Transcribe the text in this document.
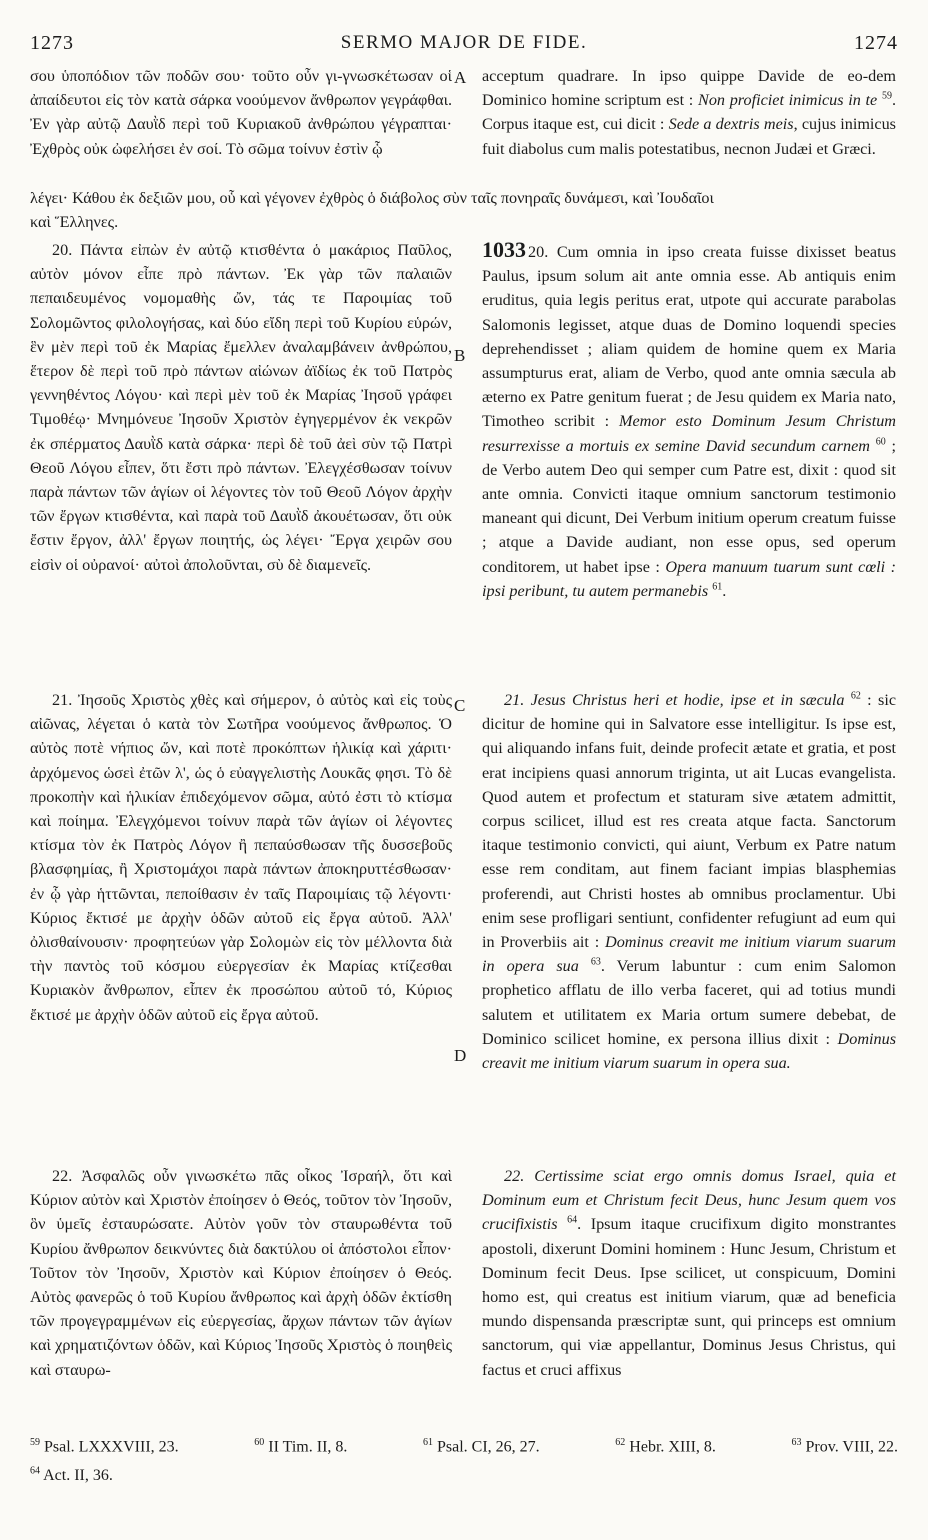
1273	SERMO MAJOR DE FIDE.	1274
A
B
C
D

σου ὑποπόδιον τῶν ποδῶν σου· τοῦτο οὖν γι-γνωσκέτωσαν οἱ ἀπαίδευτοι εἰς τὸν κατὰ σάρκα νοούμενον ἄνθρωπον γεγράφθαι. Ἐν γὰρ αὐτῷ Δαυῒδ περὶ τοῦ Κυριακοῦ ἀνθρώπου γέγραπται· Ἐχθρὸς οὐκ ὠφελήσει ἐν σοί. Τὸ σῶμα τοίνυν ἐστὶν ᾧ

acceptum quadrare. In ipso quippe Davide de eo-dem Dominico homine scriptum est : Non proficiet inimicus in te $^{59}$. Corpus itaque est, cui dicit : Sede a dextris meis, cujus inimicus fuit diabolus cum malis potestatibus, necnon Judæi et Græci.

λέγει· Κάθου ἐκ δεξιῶν μου, οὗ καὶ γέγονεν ἐχθρὸς ὁ διάβολος σὺν ταῖς πονηραῖς δυνάμεσι, καὶ Ἰουδαῖοι
καὶ Ἕλληνες.

20. Πάντα εἰπὼν ἐν αὐτῷ κτισθέντα ὁ μακάριος Παῦλος, αὐτὸν μόνον εἶπε πρὸ πάντων. Ἐκ γὰρ τῶν παλαιῶν πεπαιδευμένος νομομαθὴς ὤν, τάς τε Παροιμίας τοῦ Σολομῶντος φιλολογήσας, καὶ δύο εἴδη περὶ τοῦ Κυρίου εὑρών, ἓν μὲν περὶ τοῦ ἐκ Μαρίας ἔμελλεν ἀναλαμβάνειν ἀνθρώπου, ἕτερον δὲ περὶ τοῦ πρὸ πάντων αἰώνων ἀϊδίως ἐκ τοῦ Πατρὸς γεννηθέντος Λόγου· καὶ περὶ μὲν τοῦ ἐκ Μαρίας Ἰησοῦ γράφει Τιμοθέῳ· Μνημόνευε Ἰησοῦν Χριστὸν ἐγηγερμένον ἐκ νεκρῶν ἐκ σπέρματος Δαυῒδ κατὰ σάρκα· περὶ δὲ τοῦ ἀεὶ σὺν τῷ Πατρὶ Θεοῦ Λόγου εἶπεν, ὅτι ἔστι πρὸ πάντων. Ἐλεγχέσθωσαν τοίνυν παρὰ πάντων τῶν ἁγίων οἱ λέγοντες τὸν τοῦ Θεοῦ Λόγον ἀρχὴν τῶν ἔργων κτισθέντα, καὶ παρὰ τοῦ Δαυῒδ ἀκουέτωσαν, ὅτι οὐκ ἔστιν ἔργον, ἀλλ' ἔργων ποιητής, ὡς λέγει· Ἔργα χειρῶν σου εἰσὶν οἱ οὐρανοί· αὐτοὶ ἀπολοῦνται, σὺ δὲ διαμενεῖς.

1033 20. Cum omnia in ipso creata fuisse dixisset beatus Paulus, ipsum solum ait ante omnia esse. Ab antiquis enim eruditus, quia legis peritus erat, utpote qui accurate parabolas Salomonis legisset, atque duas de Domino loquendi species deprehendisset ; aliam quidem de homine quem ex Maria assumpturus erat, aliam de Verbo, quod ante omnia sæcula ab æterno ex Patre genitum fuerat ; de Jesu quidem ex Maria nato, Timotheo scribit : Memor esto Dominum Jesum Christum resurrexisse a mortuis ex semine David secundum carnem $^{60}$ ; de Verbo autem Deo qui semper cum Patre est, dixit : quod sit ante omnia. Convicti itaque omnium sanctorum testimonio maneant qui dicunt, Dei Verbum initium operum creatum fuisse ; atque a Davide audiant, non esse opus, sed operum conditorem, ut habet ipse : Opera manuum tuarum sunt cœli : ipsi peribunt, tu autem permanebis $^{61}$.

21. Ἰησοῦς Χριστὸς χθὲς καὶ σήμερον, ὁ αὐτὸς καὶ εἰς τοὺς αἰῶνας, λέγεται ὁ κατὰ τὸν Σωτῆρα νοούμενος ἄνθρωπος. Ὁ αὐτὸς ποτὲ νήπιος ὤν, καὶ ποτὲ προκόπτων ἡλικίᾳ καὶ χάριτι· ἀρχόμενος ὡσεὶ ἐτῶν λ', ὡς ὁ εὐαγγελιστὴς Λουκᾶς φησι. Τὸ δὲ προκοπὴν καὶ ἡλικίαν ἐπιδεχόμενον σῶμα, αὐτό ἐστι τὸ κτίσμα καὶ ποίημα. Ἐλεγχόμενοι τοίνυν παρὰ τῶν ἁγίων οἱ λέγοντες κτίσμα τὸν ἐκ Πατρὸς Λόγον ἢ πεπαύσθωσαν τῆς δυσσεβοῦς βλασφημίας, ἢ Χριστομάχοι παρὰ πάντων ἀποκηρυττέσθωσαν· ἐν ᾧ γὰρ ἡττῶνται, πεποίθασιν ἐν ταῖς Παροιμίαις τῷ λέγοντι· Κύριος ἔκτισέ με ἀρχὴν ὁδῶν αὐτοῦ εἰς ἔργα αὐτοῦ. Ἀλλ' ὀλισθαίνουσιν· προφητεύων γὰρ Σολομὼν εἰς τὸν μέλλοντα διὰ τὴν παντὸς τοῦ κόσμου εὐεργεσίαν ἐκ Μαρίας κτίζεσθαι Κυριακὸν ἄνθρωπον, εἶπεν ἐκ προσώπου αὐτοῦ τό, Κύριος ἔκτισέ με ἀρχὴν ὁδῶν αὐτοῦ εἰς ἔργα αὐτοῦ.

21. Jesus Christus heri et hodie, ipse et in sæcula $^{62}$ : sic dicitur de homine qui in Salvatore esse intelligitur. Is ipse est, qui aliquando infans fuit, deinde profecit ætate et gratia, et post erat incipiens quasi annorum triginta, ut ait Lucas evangelista. Quod autem et profectum et staturam sive ætatem admittit, corpus scilicet, illud est res creata atque facta. Sanctorum itaque testimonio convicti, qui aiunt, Verbum ex Patre natum esse rem conditam, aut finem faciant impias blasphemias proferendi, aut Christi hostes ab omnibus proclamentur. Ubi enim sese profligari sentiunt, confidenter refugiunt ad eum qui in Proverbiis ait : Dominus creavit me initium viarum suarum in opera sua $^{63}$. Verum labuntur : cum enim Salomon prophetico afflatu de illo verba faceret, qui ad totius mundi salutem et utilitatem ex Maria ortum sumere debebat, de Dominico scilicet homine, ex persona illius dixit : Dominus creavit me initium viarum suarum in opera sua.

22. Ἀσφαλῶς οὖν γινωσκέτω πᾶς οἶκος Ἰσραήλ, ὅτι καὶ Κύριον αὐτὸν καὶ Χριστὸν ἐποίησεν ὁ Θεός, τοῦτον τὸν Ἰησοῦν, ὃν ὑμεῖς ἐσταυρώσατε. Αὐτὸν γοῦν τὸν σταυρωθέντα τοῦ Κυρίου ἄνθρωπον δεικνύντες διὰ δακτύλου οἱ ἀπόστολοι εἶπον· Τοῦτον τὸν Ἰησοῦν, Χριστὸν καὶ Κύριον ἐποίησεν ὁ Θεός. Αὐτὸς φανερῶς ὁ τοῦ Κυρίου ἄνθρωπος καὶ ἀρχὴ ὁδῶν ἐκτίσθη τῶν προγεγραμμένων εἰς εὐεργεσίας, ἄρχων πάντων τῶν ἁγίων καὶ χρηματιζόντων ὁδῶν, καὶ Κύριος Ἰησοῦς Χριστὸς ὁ ποιηθεὶς καὶ σταυρω-

22. Certissime sciat ergo omnis domus Israel, quia et Dominum eum et Christum fecit Deus, hunc Jesum quem vos crucifixistis $^{64}$. Ipsum itaque crucifixum digito monstrantes apostoli, dixerunt Domini hominem : Hunc Jesum, Christum et Dominum fecit Deus. Ipse scilicet, ut conspicuum, Domini homo est, qui creatus est initium viarum, quæ ad beneficia mundo dispensanda præscriptæ sunt, qui princeps est omnium sanctorum, qui viæ appellantur, Dominus Jesus Christus, qui factus et cruci affixus

$^{59}$ Psal. LXXXVIII, 23.	$^{60}$ II Tim. II, 8.	$^{61}$ Psal. CI, 26, 27.	$^{62}$ Hebr. XIII, 8.	$^{63}$ Prov. VIII, 22.
$^{64}$ Act. II, 36.
